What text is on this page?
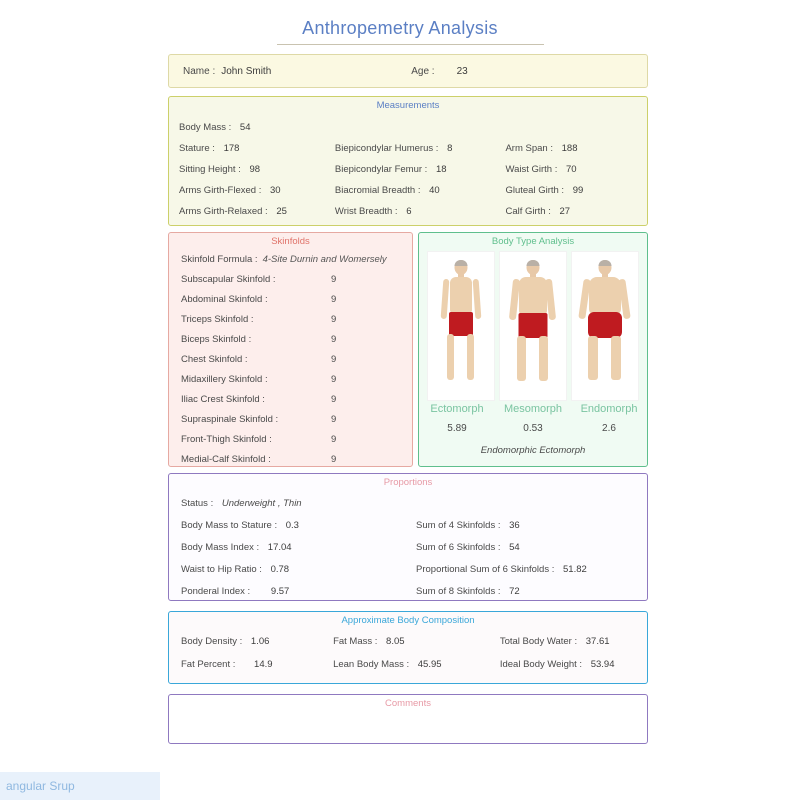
Anthropemetry Analysis
Name : John Smith	Age : 23
Measurements
Body Mass : 54
Stature : 178	Biepicondylar Humerus : 8	Arm Span : 188
Sitting Height : 98	Biepicondylar Femur : 18	Waist Girth : 70
Arms Girth-Flexed : 30	Biacromial Breadth : 40	Gluteal Girth : 99
Arms Girth-Relaxed : 25	Wrist Breadth : 6	Calf Girth : 27
Skinfolds
Skinfold Formula : 4-Site Durnin and Womersely
Subscapular Skinfold :	9
Abdominal Skinfold :	9
Triceps Skinfold :	9
Biceps Skinfold :	9
Chest Skinfold :	9
Midaxillery Skinfold :	9
Iliac Crest Skinfold :	9
Supraspinale Skinfold :	9
Front-Thigh Skinfold :	9
Medial-Calf Skinfold :	9
Body Type Analysis
Ectomorph	Mesomorph	Endomorph
5.89	0.53	2.6
Endomorphic Ectomorph
Proportions
Status : Underweight , Thin
Body Mass to Stature : 0.3	Sum of 4 Skinfolds : 36
Body Mass Index : 17.04	Sum of 6 Skinfolds : 54
Waist to Hip Ratio : 0.78	Proportional Sum of 6 Skinfolds : 51.82
Ponderal Index : 9.57	Sum of 8 Skinfolds : 72
Approximate Body Composition
Body Density : 1.06	Fat Mass : 8.05	Total Body Water : 37.61
Fat Percent : 14.9	Lean Body Mass : 45.95	Ideal Body Weight : 53.94
Comments
angular Srup
